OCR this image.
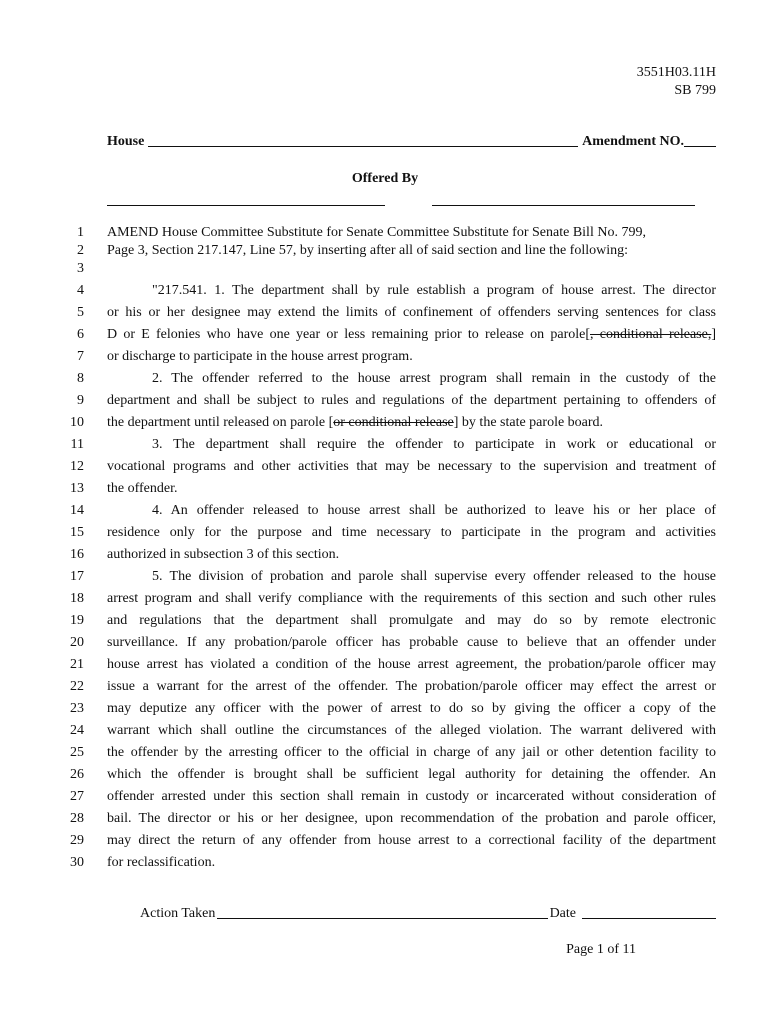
3551H03.11H
SB 799
House	Amendment NO.
Offered By
1 AMEND House Committee Substitute for Senate Committee Substitute for Senate Bill No. 799,
2 Page 3, Section 217.147, Line 57, by inserting after all of said section and line the following:
3
4	"217.541. 1. The department shall by rule establish a program of house arrest. The director
5 or his or her designee may extend the limits of confinement of offenders serving sentences for class
6 D or E felonies who have one year or less remaining prior to release on parole[, conditional release,]
7 or discharge to participate in the house arrest program.
8	2. The offender referred to the house arrest program shall remain in the custody of the
9 department and shall be subject to rules and regulations of the department pertaining to offenders of
10 the department until released on parole [or conditional release] by the state parole board.
11	3. The department shall require the offender to participate in work or educational or
12 vocational programs and other activities that may be necessary to the supervision and treatment of
13 the offender.
14	4. An offender released to house arrest shall be authorized to leave his or her place of
15 residence only for the purpose and time necessary to participate in the program and activities
16 authorized in subsection 3 of this section.
17	5. The division of probation and parole shall supervise every offender released to the house
18 arrest program and shall verify compliance with the requirements of this section and such other rules
19 and regulations that the department shall promulgate and may do so by remote electronic
20 surveillance. If any probation/parole officer has probable cause to believe that an offender under
21 house arrest has violated a condition of the house arrest agreement, the probation/parole officer may
22 issue a warrant for the arrest of the offender. The probation/parole officer may effect the arrest or
23 may deputize any officer with the power of arrest to do so by giving the officer a copy of the
24 warrant which shall outline the circumstances of the alleged violation. The warrant delivered with
25 the offender by the arresting officer to the official in charge of any jail or other detention facility to
26 which the offender is brought shall be sufficient legal authority for detaining the offender. An
27 offender arrested under this section shall remain in custody or incarcerated without consideration of
28 bail. The director or his or her designee, upon recommendation of the probation and parole officer,
29 may direct the return of any offender from house arrest to a correctional facility of the department
30 for reclassification.
Action Taken	Date
Page 1 of 11
